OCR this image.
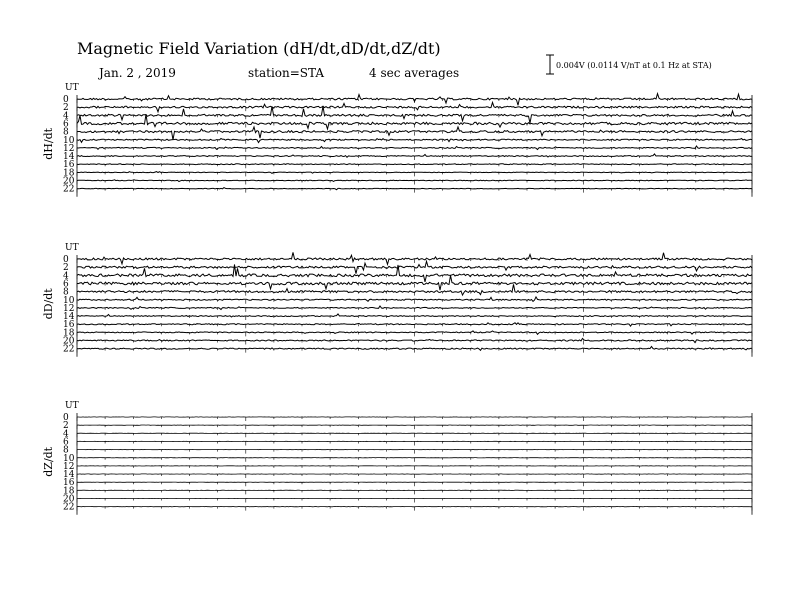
Magnetic Field Variation (dH/dt,dD/dt,dZ/dt)
Jan. 2 , 2019	station=STA	4 sec averages
0.004V (0.0114 V/nT at 0.1 Hz at STA)
UT
dH/dt
0
2
4
6
8
10
12
14
16
18
20
22
UT
dD/dt
0
2
4
6
8
10
12
14
16
18
20
22
UT
dZ/dt
0
2
4
6
8
10
12
14
16
18
20
22
